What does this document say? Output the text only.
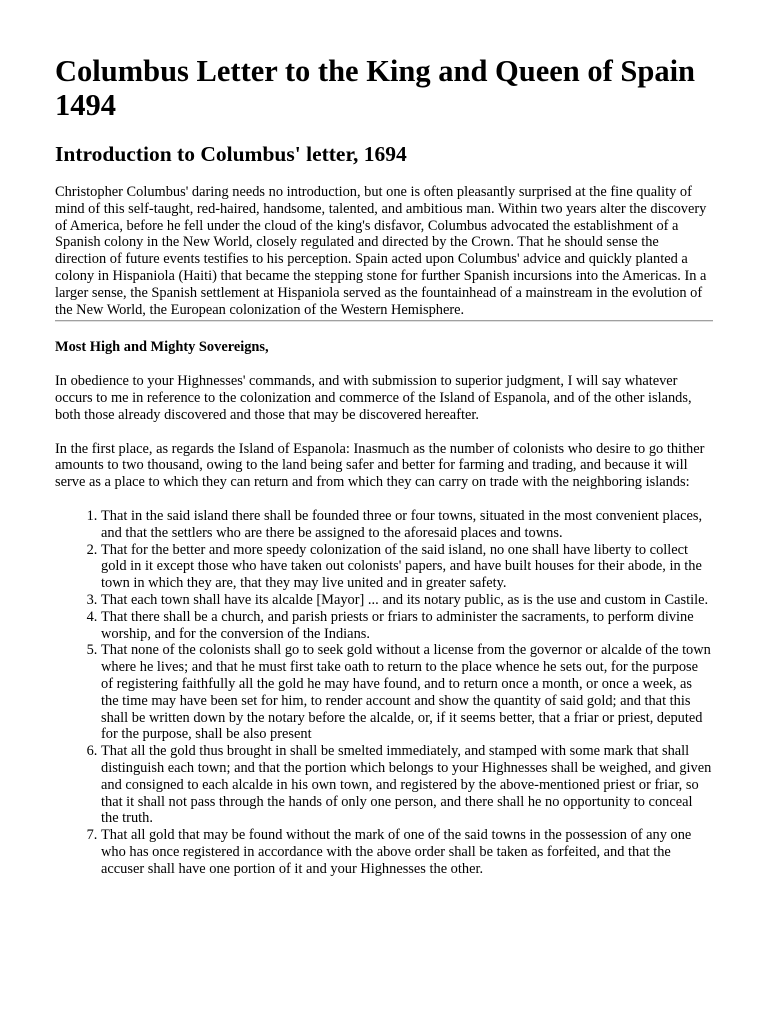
Columbus Letter to the King and Queen of Spain 1494
Introduction to Columbus' letter, 1694

Christopher Columbus' daring needs no introduction, but one is often pleasantly surprised at the fine quality of mind of this self-taught, red-haired, handsome, talented, and ambitious man. Within two years alter the discovery of America, before he fell under the cloud of the king's disfavor, Columbus advocated the establishment of a Spanish colony in the New World, closely regulated and directed by the Crown. That he should sense the direction of future events testifies to his perception. Spain acted upon Columbus' advice and quickly planted a colony in Hispaniola (Haiti) that became the stepping stone for further Spanish incursions into the Americas. In a larger sense, the Spanish settlement at Hispaniola served as the fountainhead of a mainstream in the evolution of the New World, the European colonization of the Western Hemisphere.

Most High and Mighty Sovereigns,

In obedience to your Highnesses' commands, and with submission to superior judgment, I will say whatever occurs to me in reference to the colonization and commerce of the Island of Espanola, and of the other islands, both those already discovered and those that may be discovered hereafter.

In the first place, as regards the Island of Espanola: Inasmuch as the number of colonists who desire to go thither amounts to two thousand, owing to the land being safer and better for farming and trading, and because it will serve as a place to which they can return and from which they can carry on trade with the neighboring islands:

1. That in the said island there shall be founded three or four towns, situated in the most convenient places, and that the settlers who are there be assigned to the aforesaid places and towns.
2. That for the better and more speedy colonization of the said island, no one shall have liberty to collect gold in it except those who have taken out colonists' papers, and have built houses for their abode, in the town in which they are, that they may live united and in greater safety.
3. That each town shall have its alcalde [Mayor] ... and its notary public, as is the use and custom in Castile.
4. That there shall be a church, and parish priests or friars to administer the sacraments, to perform divine worship, and for the conversion of the Indians.
5. That none of the colonists shall go to seek gold without a license from the governor or alcalde of the town where he lives; and that he must first take oath to return to the place whence he sets out, for the purpose of registering faithfully all the gold he may have found, and to return once a month, or once a week, as the time may have been set for him, to render account and show the quantity of said gold; and that this shall be written down by the notary before the alcalde, or, if it seems better, that a friar or priest, deputed for the purpose, shall be also present
6. That all the gold thus brought in shall be smelted immediately, and stamped with some mark that shall distinguish each town; and that the portion which belongs to your Highnesses shall be weighed, and given and consigned to each alcalde in his own town, and registered by the above-mentioned priest or friar, so that it shall not pass through the hands of only one person, and there shall he no opportunity to conceal the truth.
7. That all gold that may be found without the mark of one of the said towns in the possession of any one who has once registered in accordance with the above order shall be taken as forfeited, and that the accuser shall have one portion of it and your Highnesses the other.
